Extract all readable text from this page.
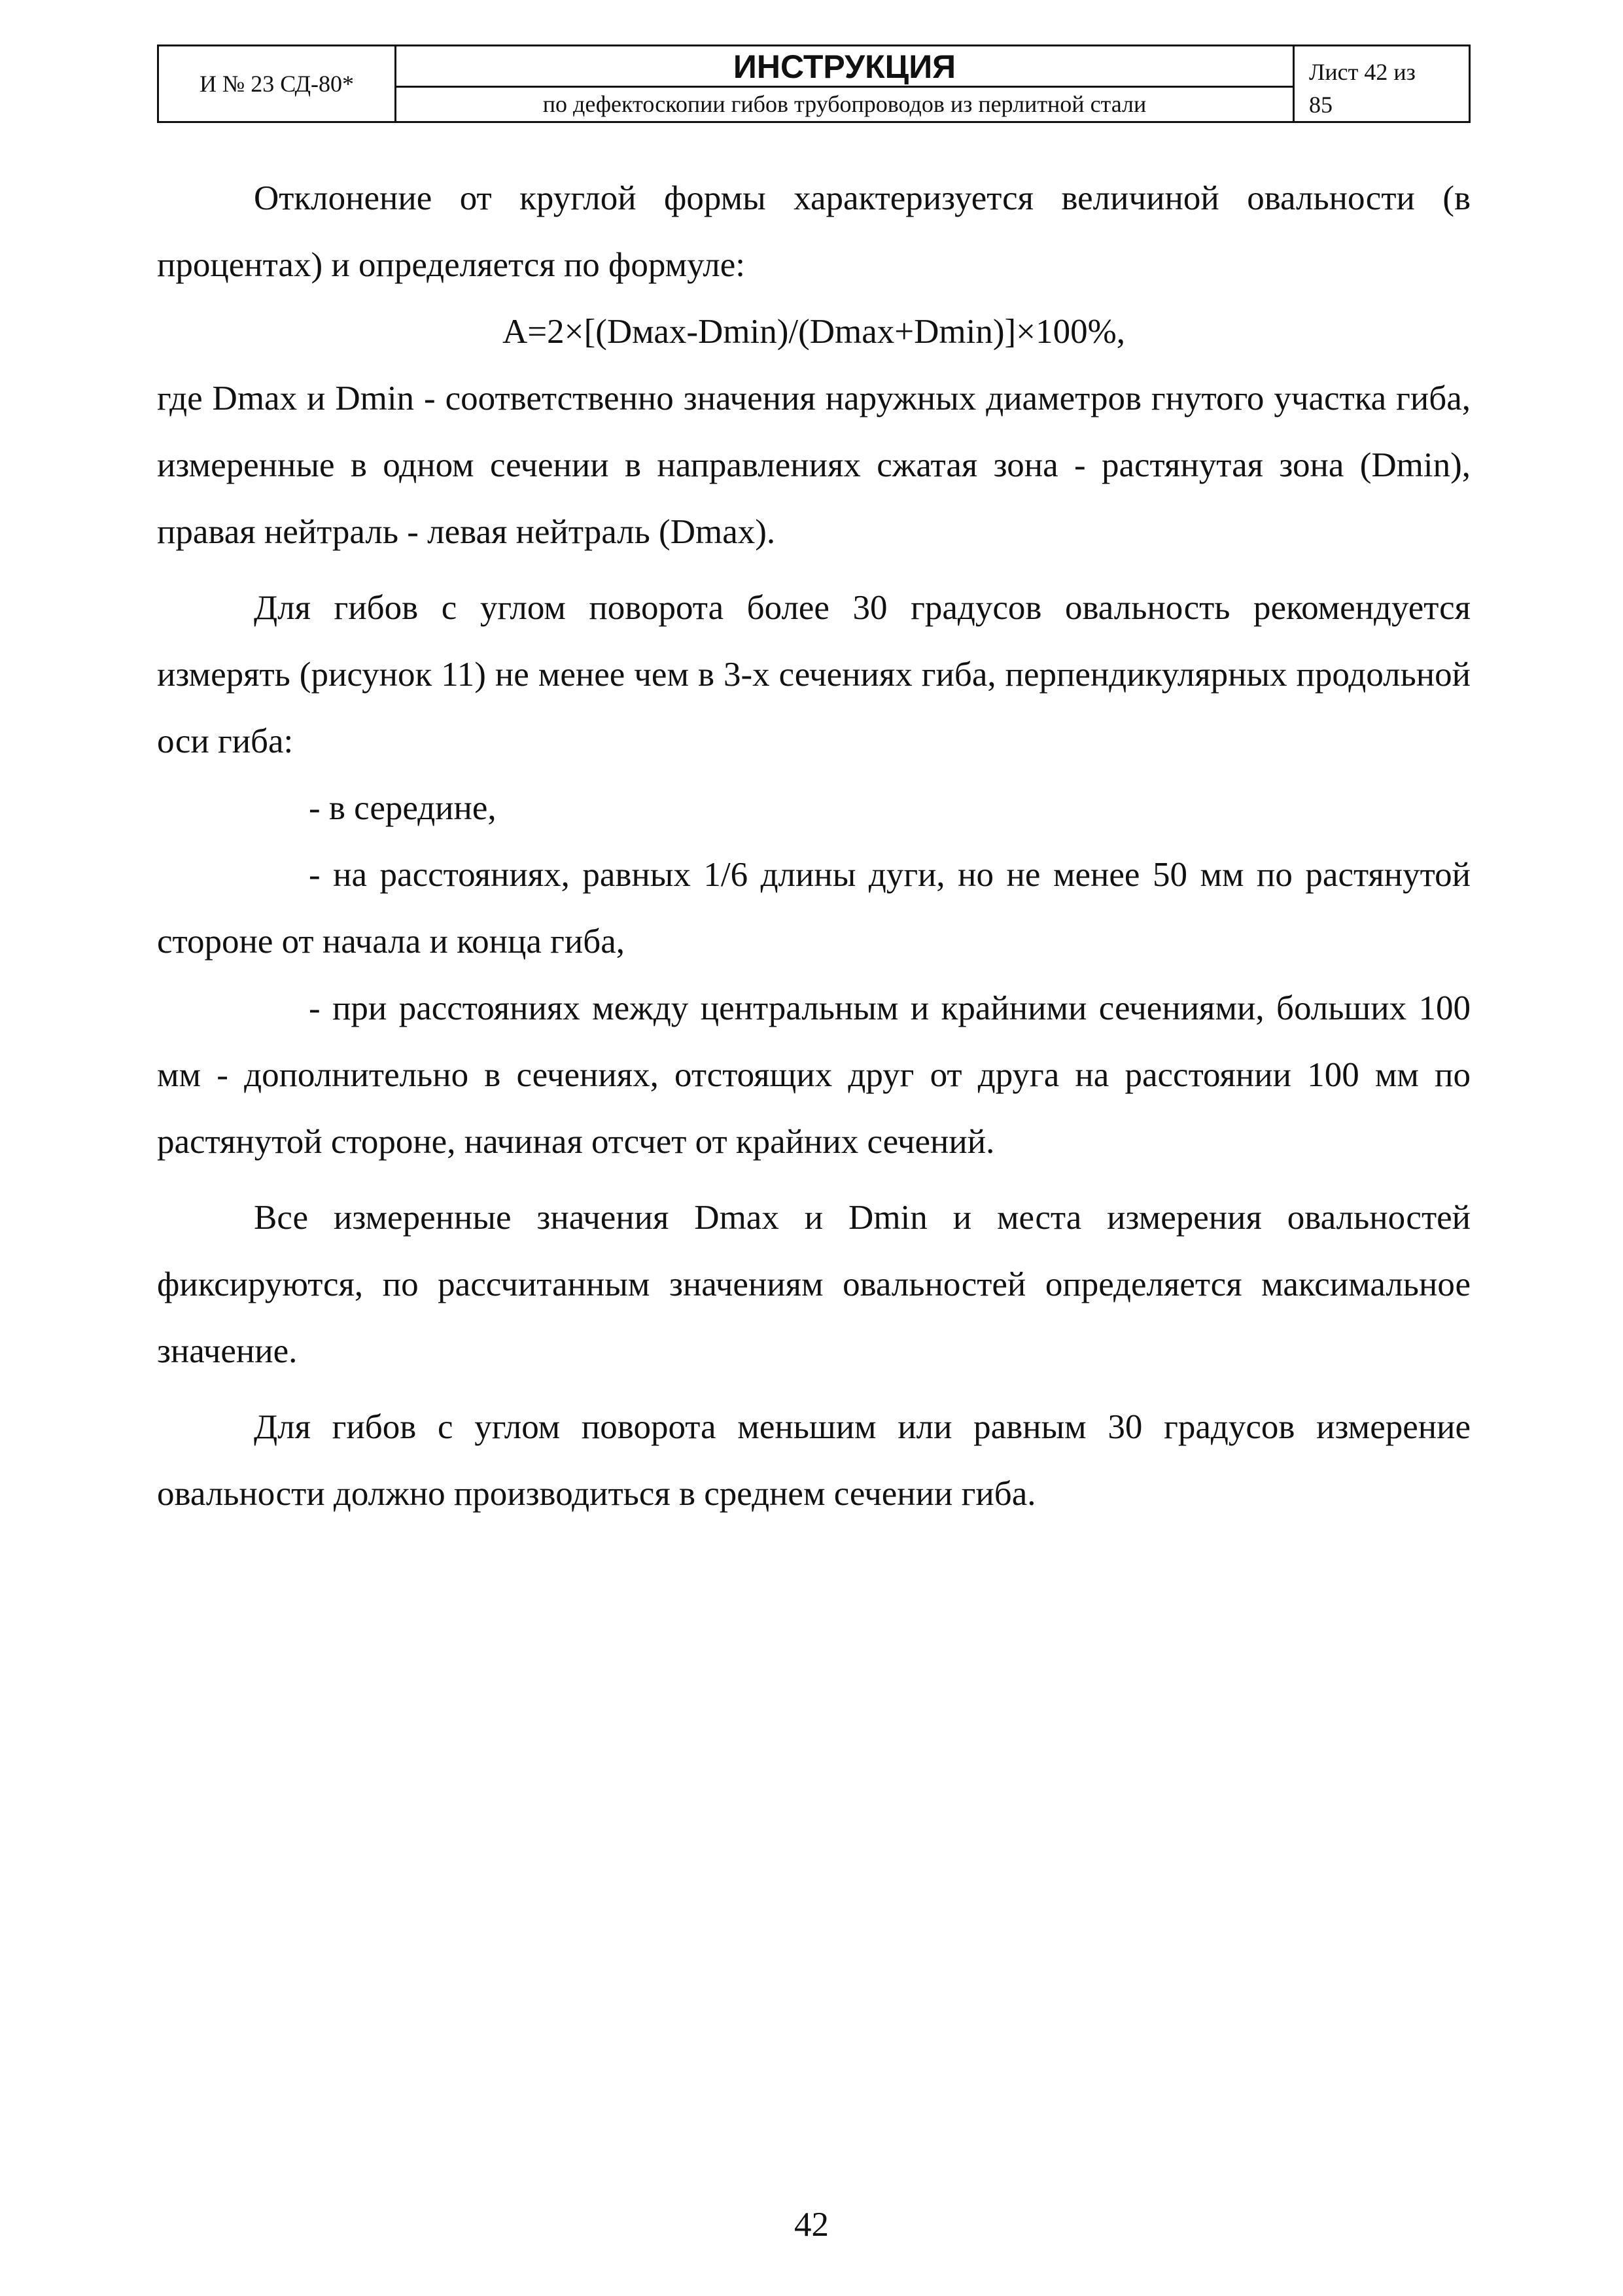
И № 23 СД-80*	ИНСТРУКЦИЯ
по дефектоскопии гибов трубопроводов из перлитной стали
Лист 42 из
85

Отклонение от круглой формы характеризуется величиной овальности (в процентах) и определяется по формуле:

A=2×[(Dмах-Dmin)/(Dmax+Dmin)]×100%,

где Dmax и Dmin - соответственно значения наружных диаметров гнутого участка гиба, измеренные в одном сечении в направлениях сжатая зона - растянутая зона (Dmin), правая нейтраль - левая нейтраль (Dmax).

Для гибов с углом поворота более 30 градусов овальность рекомендуется измерять (рисунок 11) не менее чем в 3-х сечениях гиба, перпендикулярных продольной оси гиба:

- в середине,

- на расстояниях, равных 1/6 длины дуги, но не менее 50 мм по растянутой стороне от начала и конца гиба,

- при расстояниях между центральным и крайними сечениями, больших 100 мм - дополнительно в сечениях, отстоящих друг от друга на расстоянии 100 мм по растянутой стороне, начиная отсчет от крайних сечений.

Все измеренные значения Dmax и Dmin и места измерения овальностей фиксируются, по рассчитанным значениям овальностей определяется максимальное значение.

Для гибов с углом поворота меньшим или равным 30 градусов измерение овальности должно производиться в среднем сечении гиба.

42
